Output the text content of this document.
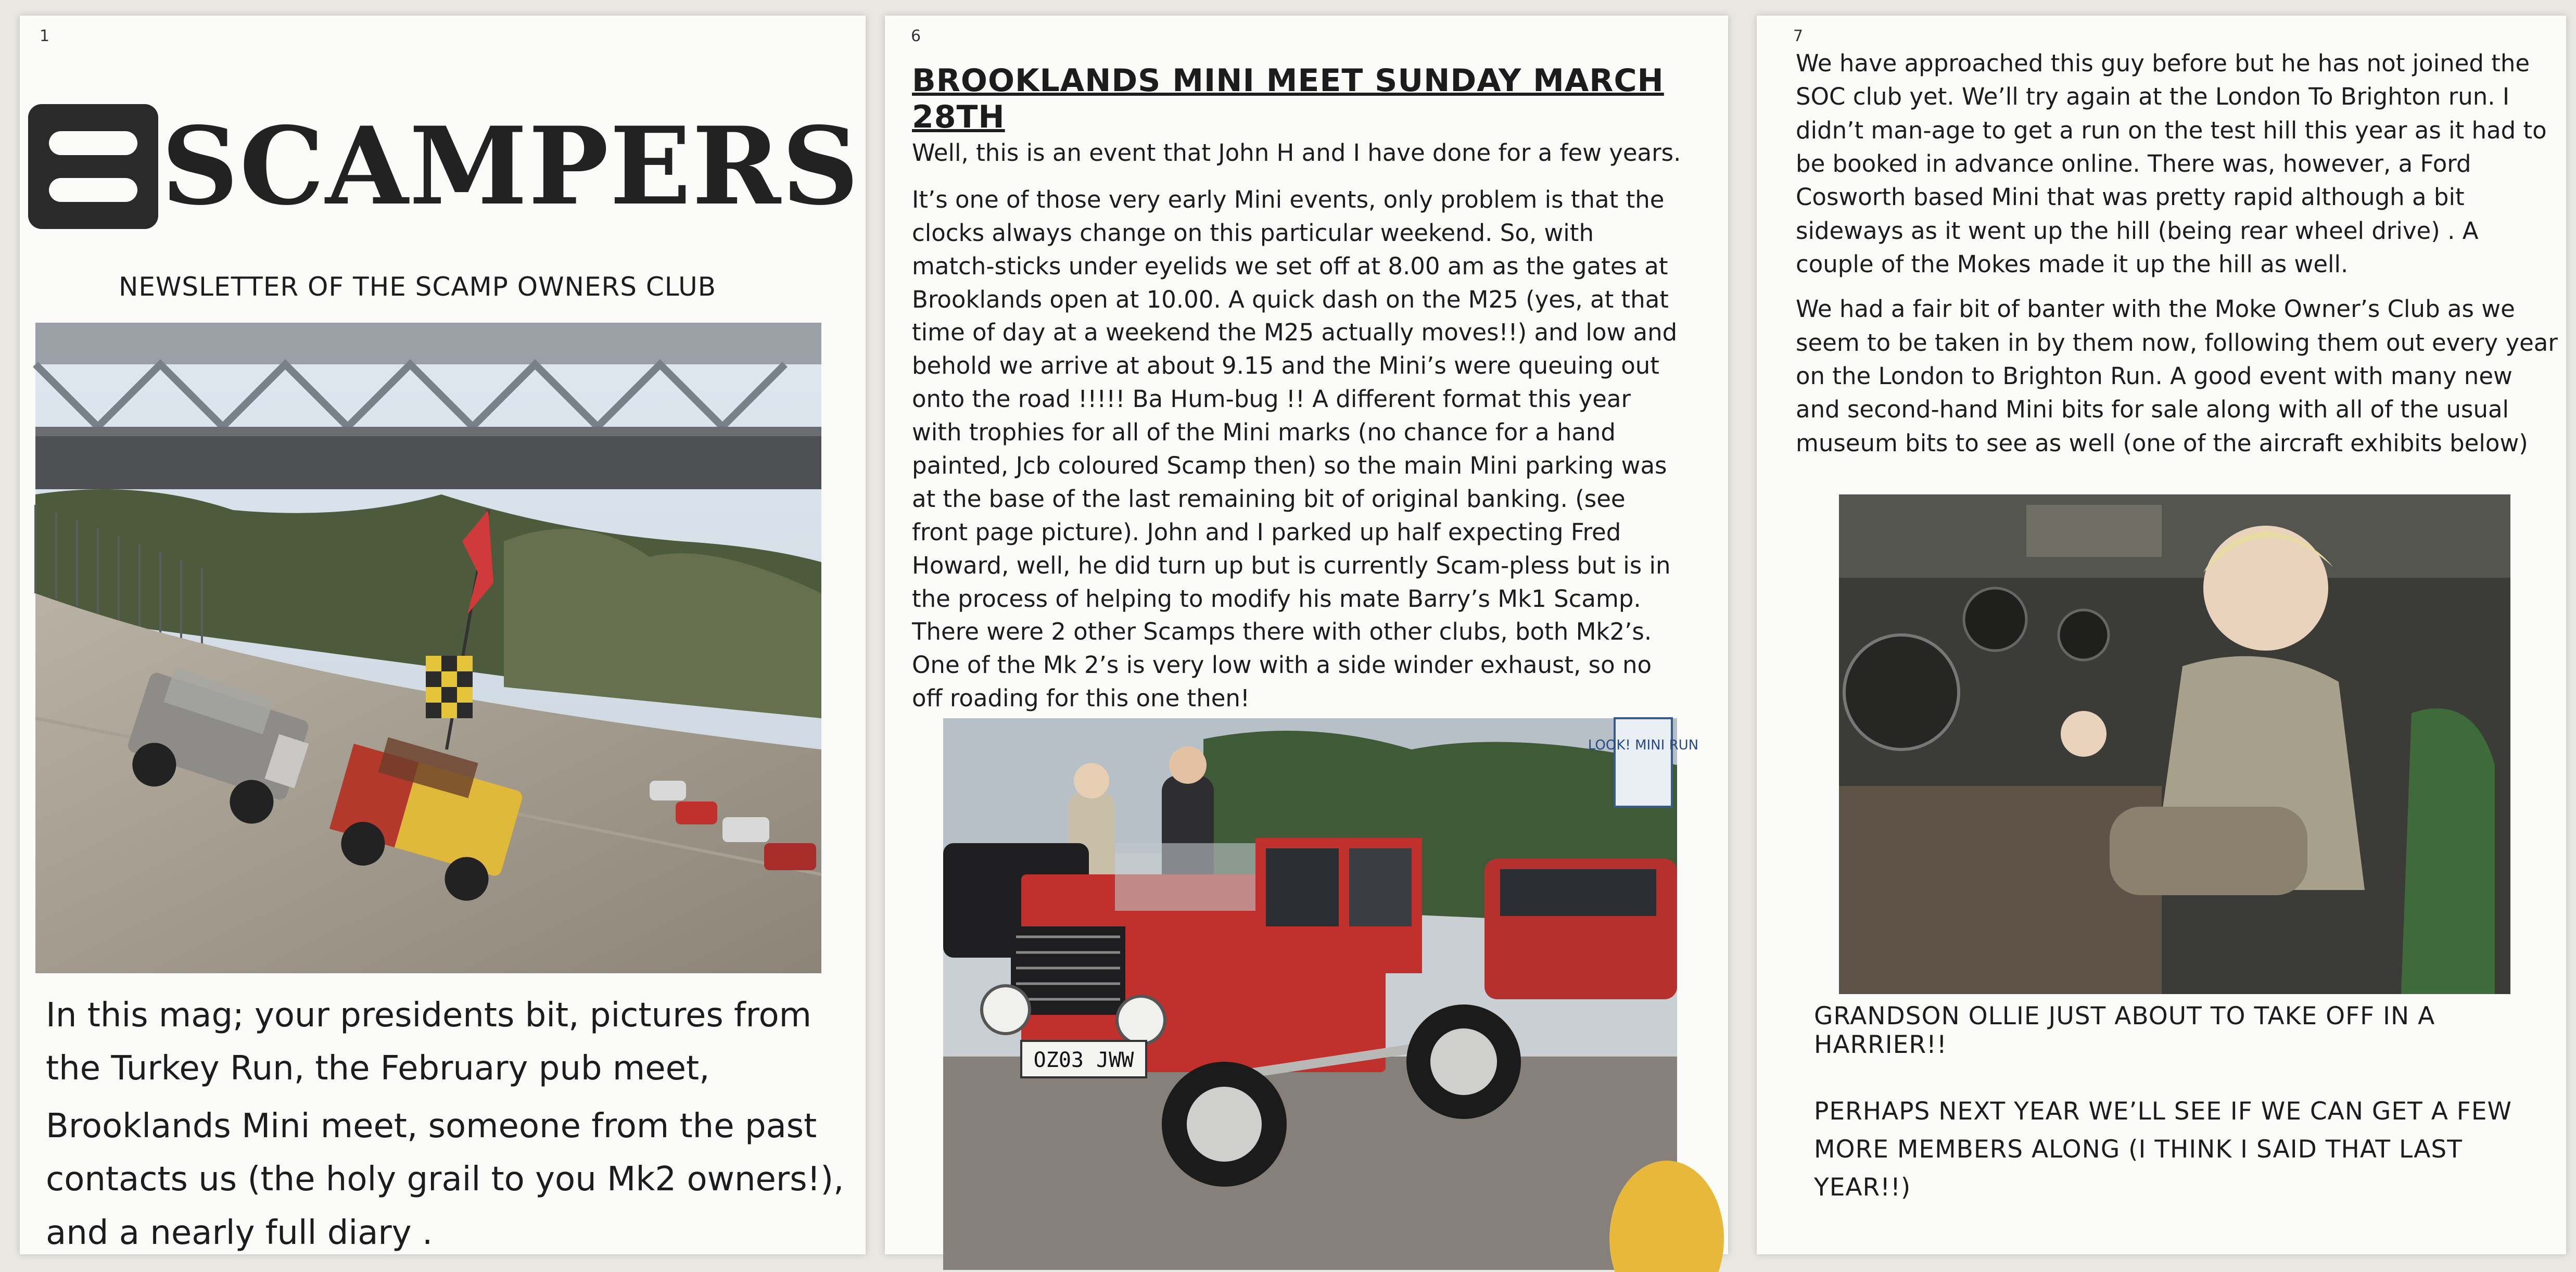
1
SCAMPERS
NEWSLETTER OF THE SCAMP OWNERS CLUB

In this mag; your presidents bit, pictures from the Turkey Run, the February pub meet,

Brooklands Mini meet, someone from the past contacts us (the holy grail to you Mk2 owners!), and a nearly full diary .

6
BROOKLANDS MINI MEET SUNDAY MARCH 28TH

Well, this is an event that John H and I have done for a few years.

It’s one of those very early Mini events, only problem is that the clocks always change on this particular weekend. So, with match-sticks under eyelids we set off at 8.00 am as the gates at Brooklands open at 10.00. A quick dash on the M25 (yes, at that time of day at a weekend the M25 actually moves!!) and low and behold we arrive at about 9.15 and the Mini’s were queuing out onto the road !!!!! Ba Hum-bug !! A different format this year with trophies for all of the Mini marks (no chance for a hand painted, Jcb coloured Scamp then) so the main Mini parking was at the base of the last remaining bit of original banking. (see front page picture). John and I parked up half expecting Fred Howard, well, he did turn up but is currently Scam-pless but is in the process of helping to modify his mate Barry’s Mk1 Scamp. There were 2 other Scamps there with other clubs, both Mk2’s. One of the Mk 2’s is very low with a side winder exhaust, so no off roading for this one then!

LOOK! MINI RUN
OZ03 JWW
7

We have approached this guy before but he has not joined the SOC club yet. We’ll try again at the London To Brighton run. I didn’t man-age to get a run on the test hill this year as it had to be booked in advance online. There was, however, a Ford Cosworth based Mini that was pretty rapid although a bit sideways as it went up the hill (being rear wheel drive) . A couple of the Mokes made it up the hill as well.

We had a fair bit of banter with the Moke Owner’s Club as we seem to be taken in by them now, following them out every year on the London to Brighton Run. A good event with many new and second-hand Mini bits for sale along with all of the usual museum bits to see as well (one of the aircraft exhibits below)

GRANDSON OLLIE JUST ABOUT TO TAKE OFF IN A HARRIER!!
PERHAPS NEXT YEAR WE’LL SEE IF WE CAN GET A FEW MORE MEMBERS ALONG (I THINK I SAID THAT LAST YEAR!!)
